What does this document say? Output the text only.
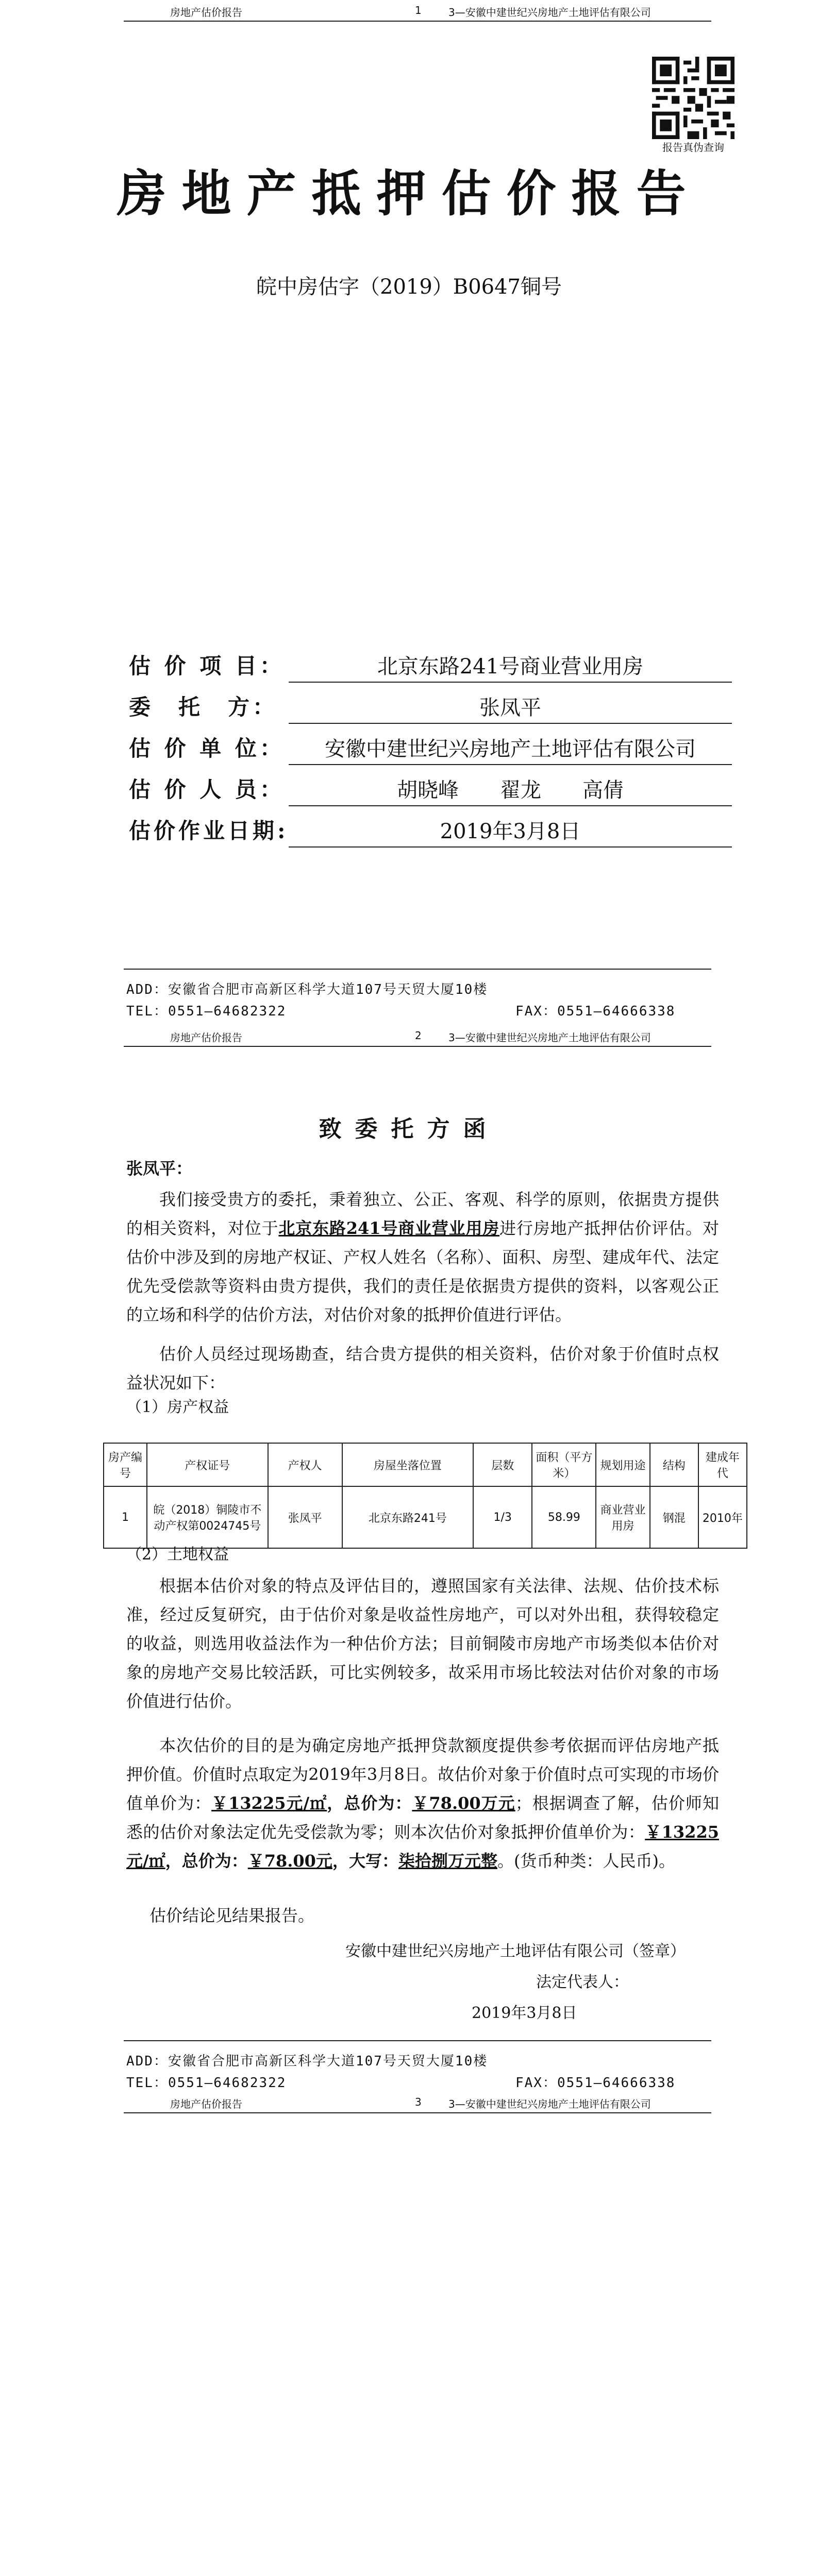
房地产估价报告	1	3—安徽中建世纪兴房地产土地评估有限公司
报告真伪查询
房地产抵押估价报告
皖中房估字（2019）B0647铜号
估 价 项 目：	北京东路241号商业营业用房
委　托　方：	张凤平
估 价 单 位：	安徽中建世纪兴房地产土地评估有限公司
估 价 人 员：	胡晓峰　　翟龙　　高倩
估价作业日期:	2019年3月8日
ADD：安徽省合肥市高新区科学大道107号天贸大厦10楼
TEL：0551—64682322	FAX：0551—64666338
房地产估价报告	2	3—安徽中建世纪兴房地产土地评估有限公司
致委托方函
张凤平：
我们接受贵方的委托，秉着独立、公正、客观、科学的原则，依据贵方提供的相关资料，对位于北京东路241号商业营业用房进行房地产抵押估价评估。对估价中涉及到的房地产权证、产权人姓名（名称）、面积、房型、建成年代、法定优先受偿款等资料由贵方提供，我们的责任是依据贵方提供的资料，以客观公正的立场和科学的估价方法，对估价对象的抵押价值进行评估。
估价人员经过现场勘查，结合贵方提供的相关资料，估价对象于价值时点权益状况如下：
（1）房产权益
房产编号	产权证号	产权人	房屋坐落位置	层数	面积（平方米）	规划用途	结构	建成年代
1	皖（2018）铜陵市不动产权第0024745号	张凤平	北京东路241号	1/3	58.99	商业营业用房	钢混	2010年
（2）土地权益
根据本估价对象的特点及评估目的，遵照国家有关法律、法规、估价技术标准，经过反复研究，由于估价对象是收益性房地产，可以对外出租，获得较稳定的收益，则选用收益法作为一种估价方法；目前铜陵市房地产市场类似本估价对象的房地产交易比较活跃，可比实例较多，故采用市场比较法对估价对象的市场价值进行估价。
本次估价的目的是为确定房地产抵押贷款额度提供参考依据而评估房地产抵押价值。价值时点取定为2019年3月8日。故估价对象于价值时点可实现的市场价值单价为：￥13225元/㎡，总价为：￥78.00万元；根据调查了解，估价师知悉的估价对象法定优先受偿款为零；则本次估价对象抵押价值单价为：￥13225元/㎡，总价为：￥78.00元，大写：柒拾捌万元整。(货币种类：人民币)。
估价结论见结果报告。
安徽中建世纪兴房地产土地评估有限公司（签章）
法定代表人：
2019年3月8日
ADD：安徽省合肥市高新区科学大道107号天贸大厦10楼
TEL：0551—64682322	FAX：0551—64666338
房地产估价报告	3	3—安徽中建世纪兴房地产土地评估有限公司
